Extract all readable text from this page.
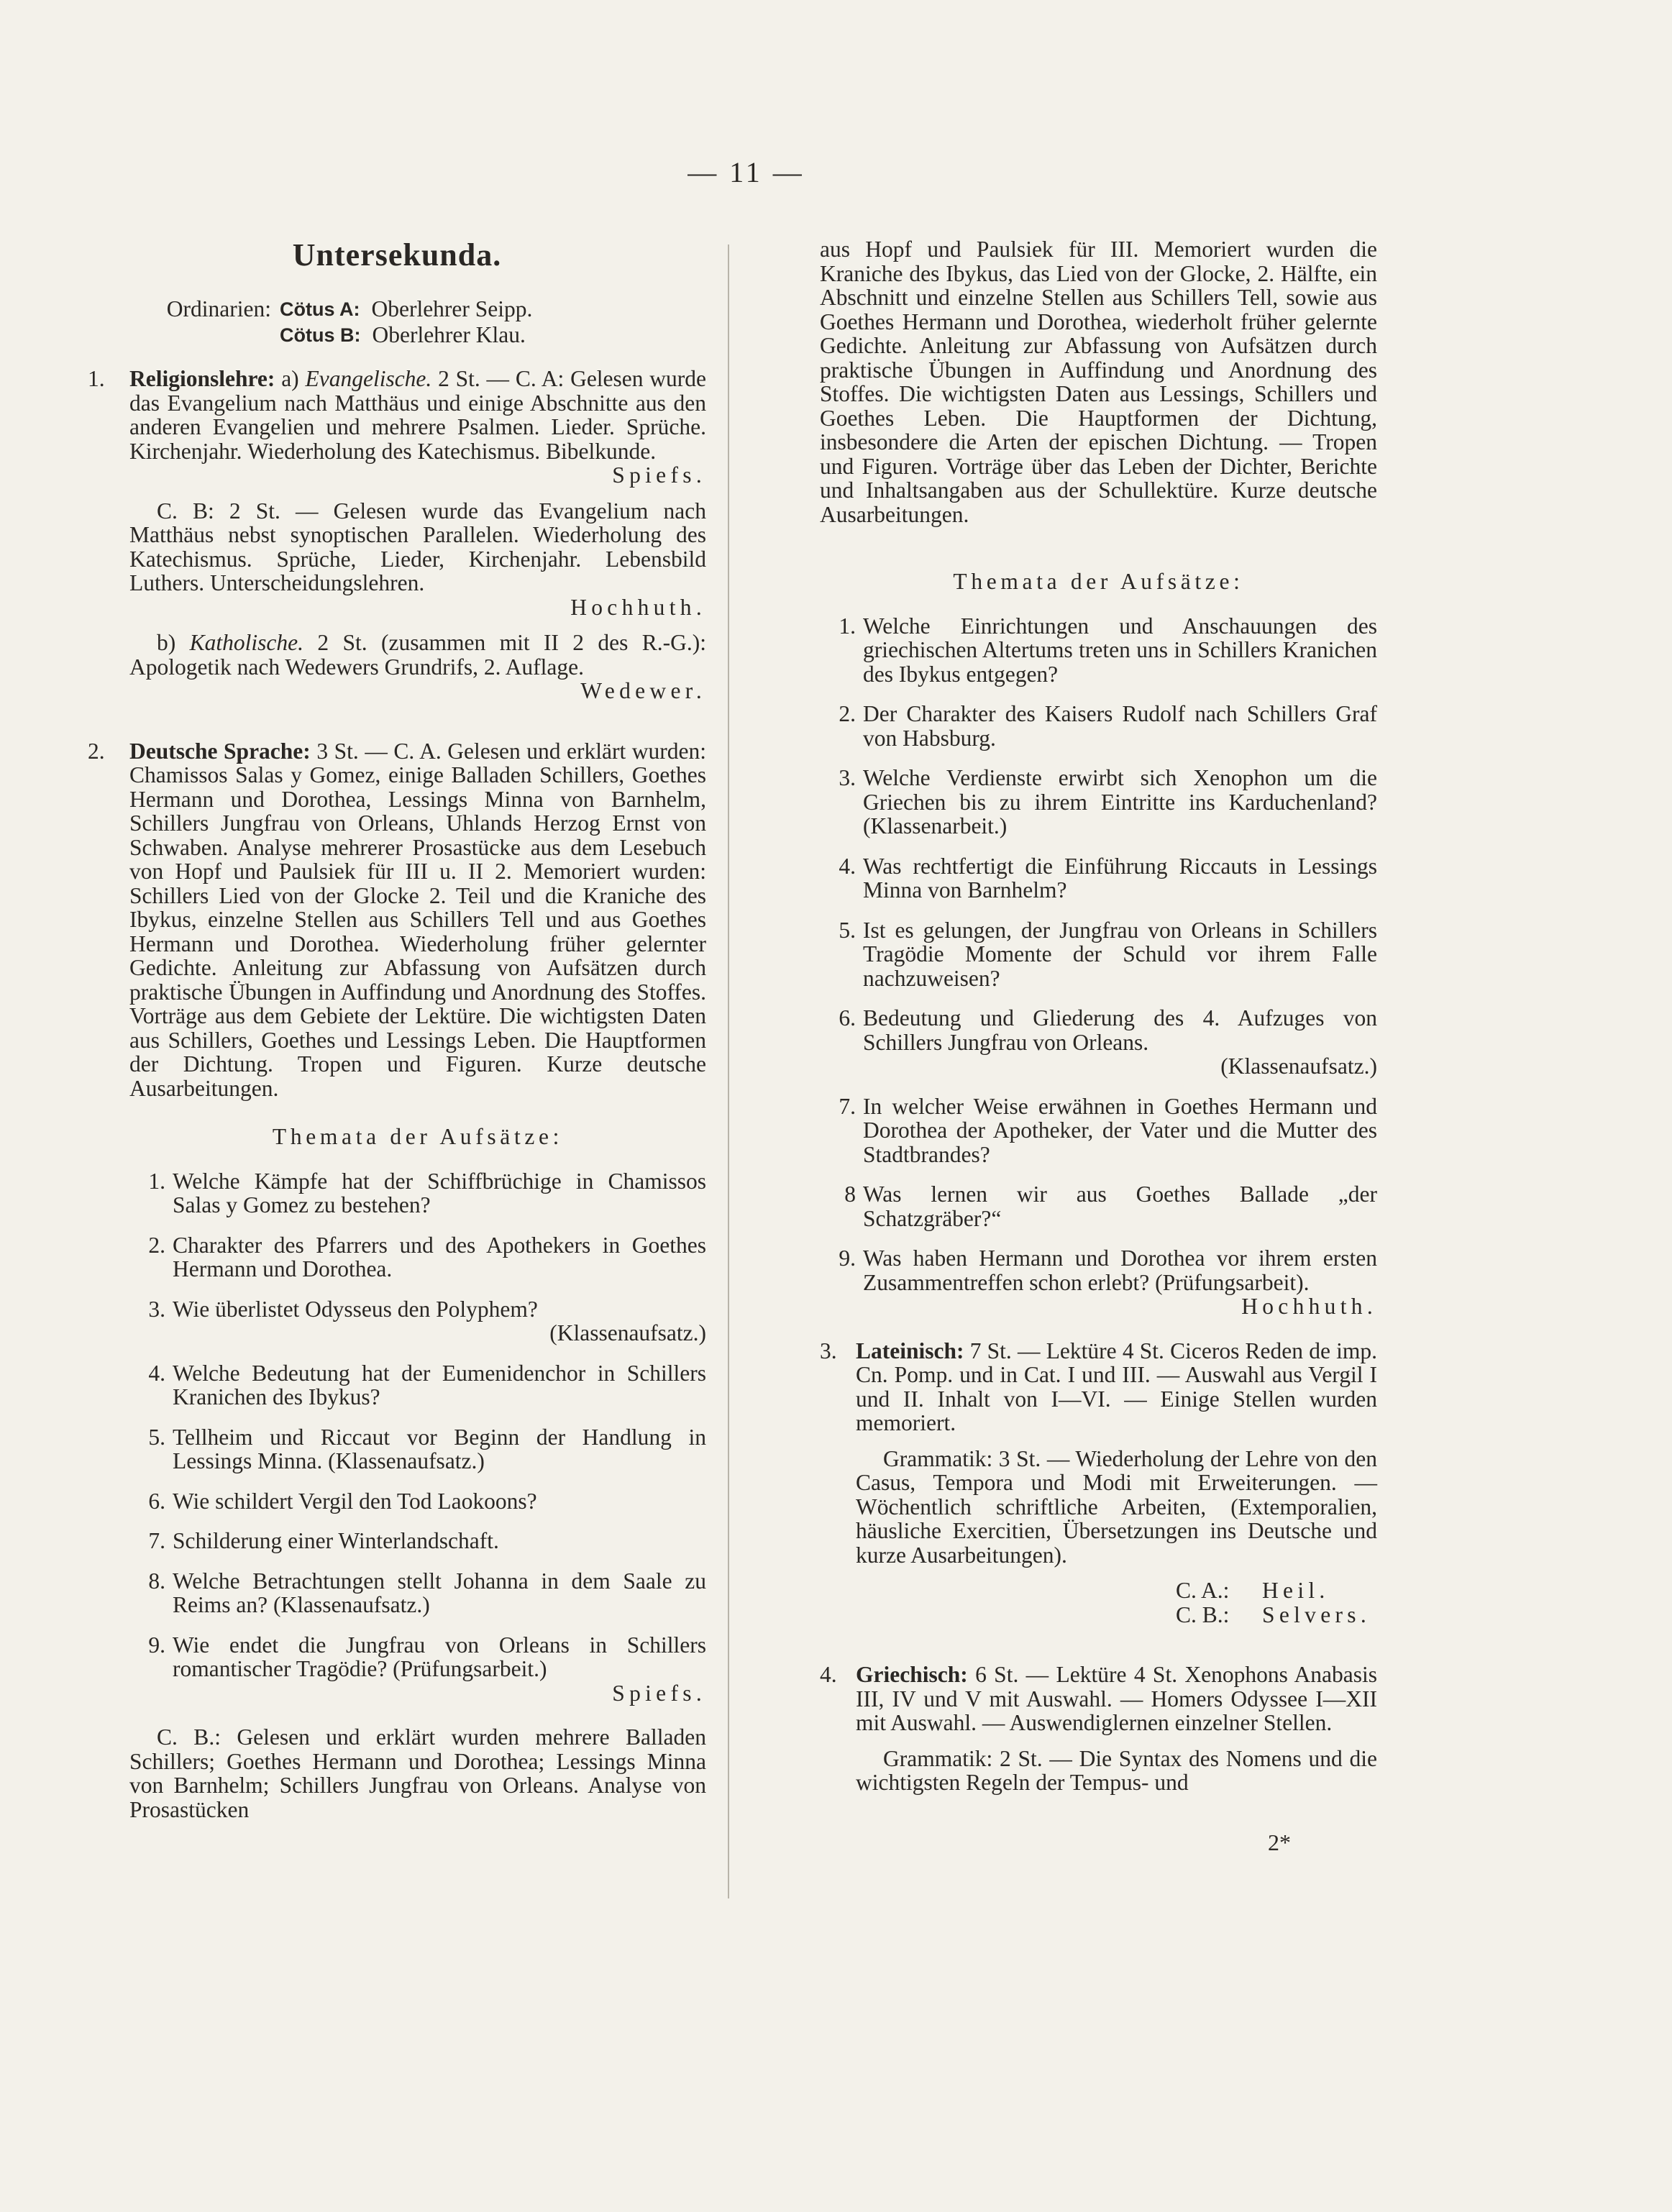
— 11 —
Untersekunda.
Ordinarien: Cötus A: Oberlehrer Seipp.
Cötus B: Oberlehrer Klau.
1.	Religionslehre: a) Evangelische. 2 St. — C. A: Gelesen wurde das Evangelium nach Matthäus und einige Abschnitte aus den anderen Evangelien und mehrere Psalmen. Lieder. Sprüche. Kirchenjahr. Wiederholung des Katechismus. Bibelkunde.
Spiefs.
C. B: 2 St. — Gelesen wurde das Evangelium nach Matthäus nebst synoptischen Parallelen. Wiederholung des Katechismus. Sprüche, Lieder, Kirchenjahr. Lebensbild Luthers. Unterscheidungslehren.
Hochhuth.
b) Katholische. 2 St. (zusammen mit II 2 des R.-G.): Apologetik nach Wedewers Grundrifs, 2. Auflage.
Wedewer.
2.	Deutsche Sprache: 3 St. — C. A. Gelesen und erklärt wurden: Chamissos Salas y Gomez, einige Balladen Schillers, Goethes Hermann und Dorothea, Lessings Minna von Barnhelm, Schillers Jungfrau von Orleans, Uhlands Herzog Ernst von Schwaben. Analyse mehrerer Prosastücke aus dem Lesebuch von Hopf und Paulsiek für III u. II 2. Memoriert wurden: Schillers Lied von der Glocke 2. Teil und die Kraniche des Ibykus, einzelne Stellen aus Schillers Tell und aus Goethes Hermann und Dorothea. Wiederholung früher gelernter Gedichte. Anleitung zur Abfassung von Aufsätzen durch praktische Übungen in Auffindung und Anordnung des Stoffes. Vorträge aus dem Gebiete der Lektüre. Die wichtigsten Daten aus Schillers, Goethes und Lessings Leben. Die Hauptformen der Dichtung. Tropen und Figuren. Kurze deutsche Ausarbeitungen.
Themata der Aufsätze:
1. Welche Kämpfe hat der Schiffbrüchige in Chamissos Salas y Gomez zu bestehen?
2. Charakter des Pfarrers und des Apothekers in Goethes Hermann und Dorothea.
3. Wie überlistet Odysseus den Polyphem?
(Klassenaufsatz.)
4. Welche Bedeutung hat der Eumenidenchor in Schillers Kranichen des Ibykus?
5. Tellheim und Riccaut vor Beginn der Handlung in Lessings Minna. (Klassenaufsatz.)
6. Wie schildert Vergil den Tod Laokoons?
7. Schilderung einer Winterlandschaft.
8. Welche Betrachtungen stellt Johanna in dem Saale zu Reims an? (Klassenaufsatz.)
9. Wie endet die Jungfrau von Orleans in Schillers romantischer Tragödie? (Prüfungsarbeit.)
Spiefs.
C. B.: Gelesen und erklärt wurden mehrere Balladen Schillers; Goethes Hermann und Dorothea; Lessings Minna von Barnhelm; Schillers Jungfrau von Orleans. Analyse von Prosastücken
aus Hopf und Paulsiek für III. Memoriert wurden die Kraniche des Ibykus, das Lied von der Glocke, 2. Hälfte, ein Abschnitt und einzelne Stellen aus Schillers Tell, sowie aus Goethes Hermann und Dorothea, wiederholt früher gelernte Gedichte. Anleitung zur Abfassung von Aufsätzen durch praktische Übungen in Auffindung und Anordnung des Stoffes. Die wichtigsten Daten aus Lessings, Schillers und Goethes Leben. Die Hauptformen der Dichtung, insbesondere die Arten der epischen Dichtung. — Tropen und Figuren. Vorträge über das Leben der Dichter, Berichte und Inhaltsangaben aus der Schullektüre. Kurze deutsche Ausarbeitungen.
Themata der Aufsätze:
1. Welche Einrichtungen und Anschauungen des griechischen Altertums treten uns in Schillers Kranichen des Ibykus entgegen?
2. Der Charakter des Kaisers Rudolf nach Schillers Graf von Habsburg.
3. Welche Verdienste erwirbt sich Xenophon um die Griechen bis zu ihrem Eintritte ins Karduchenland? (Klassenarbeit.)
4. Was rechtfertigt die Einführung Riccauts in Lessings Minna von Barnhelm?
5. Ist es gelungen, der Jungfrau von Orleans in Schillers Tragödie Momente der Schuld vor ihrem Falle nachzuweisen?
6. Bedeutung und Gliederung des 4. Aufzuges von Schillers Jungfrau von Orleans.
(Klassenaufsatz.)
7. In welcher Weise erwähnen in Goethes Hermann und Dorothea der Apotheker, der Vater und die Mutter des Stadtbrandes?
8 Was lernen wir aus Goethes Ballade „der Schatzgräber?“
9. Was haben Hermann und Dorothea vor ihrem ersten Zusammentreffen schon erlebt? (Prüfungsarbeit).
Hochhuth.
3. Lateinisch: 7 St. — Lektüre 4 St. Ciceros Reden de imp. Cn. Pomp. und in Cat. I und III. — Auswahl aus Vergil I und II. Inhalt von I—VI. — Einige Stellen wurden memoriert.
Grammatik: 3 St. — Wiederholung der Lehre von den Casus, Tempora und Modi mit Erweiterungen. — Wöchentlich schriftliche Arbeiten, (Extemporalien, häusliche Exercitien, Übersetzungen ins Deutsche und kurze Ausarbeitungen).
C. A.:	Heil.
C. B.:	Selvers.
4. Griechisch: 6 St. — Lektüre 4 St. Xenophons Anabasis III, IV und V mit Auswahl. — Homers Odyssee I—XII mit Auswahl. — Auswendiglernen einzelner Stellen.
Grammatik: 2 St. — Die Syntax des Nomens und die wichtigsten Regeln der Tempus- und
2*
